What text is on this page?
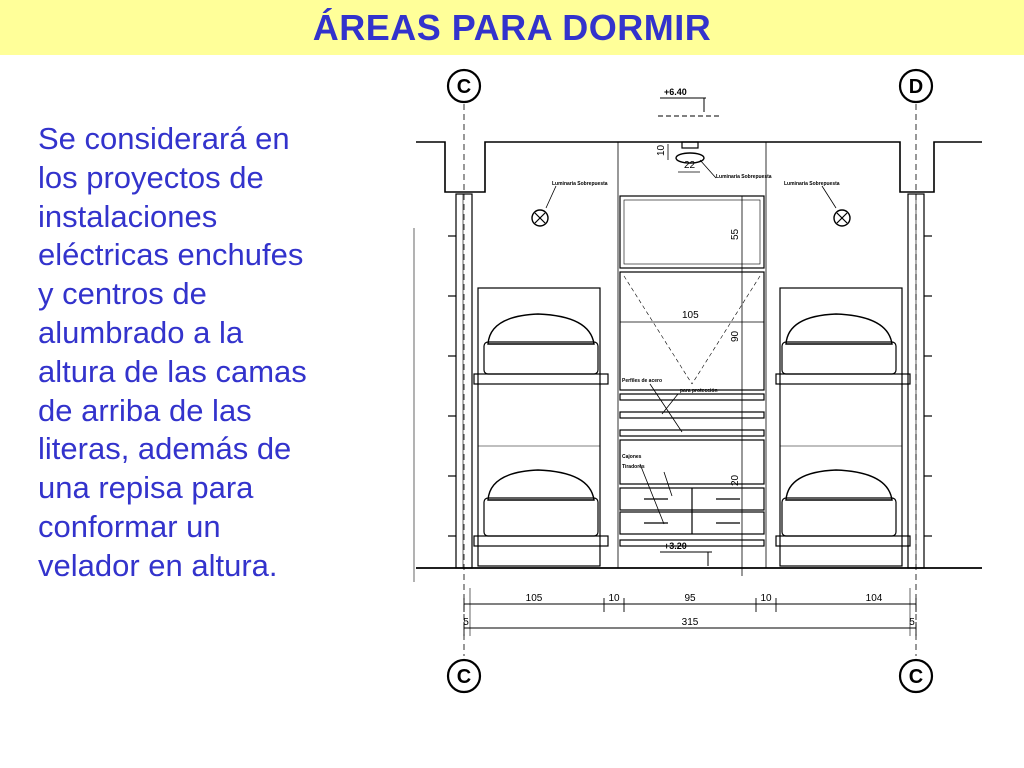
ÁREAS PARA DORMIR
Se considerará en
los proyectos de
instalaciones
eléctricas enchufes
y centros de
alumbrado a la
altura de las camas
de arriba de las
literas, además de
una repisa para
conformar un
velador en altura.
C	D
C	C
+6.40
+3.20
10
22
55
105
90
20
105	10	95	10	104
315
5	5
Luminaria Sobrepuesta
Luminaria Sobrepuesta
Luminaria Sobrepuesta
Perfiles de acero
para protección
Cajones
Tiradores
